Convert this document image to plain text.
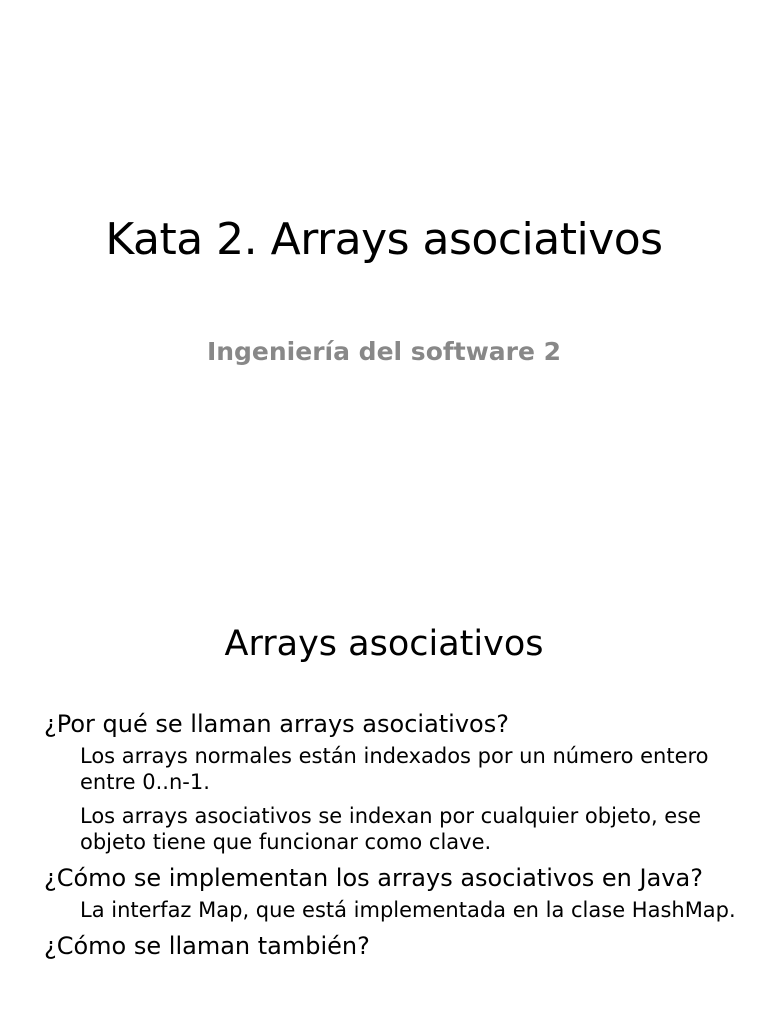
Kata 2. Arrays asociativos

Ingeniería del software 2

Arrays asociativos

¿Por qué se llaman arrays asociativos?

Los arrays normales están indexados por un número entero entre 0..n-1.

Los arrays asociativos se indexan por cualquier objeto, ese objeto tiene que funcionar como clave.

¿Cómo se implementan los arrays asociativos en Java?

La interfaz Map, que está implementada en la clase HashMap.

¿Cómo se llaman también?
